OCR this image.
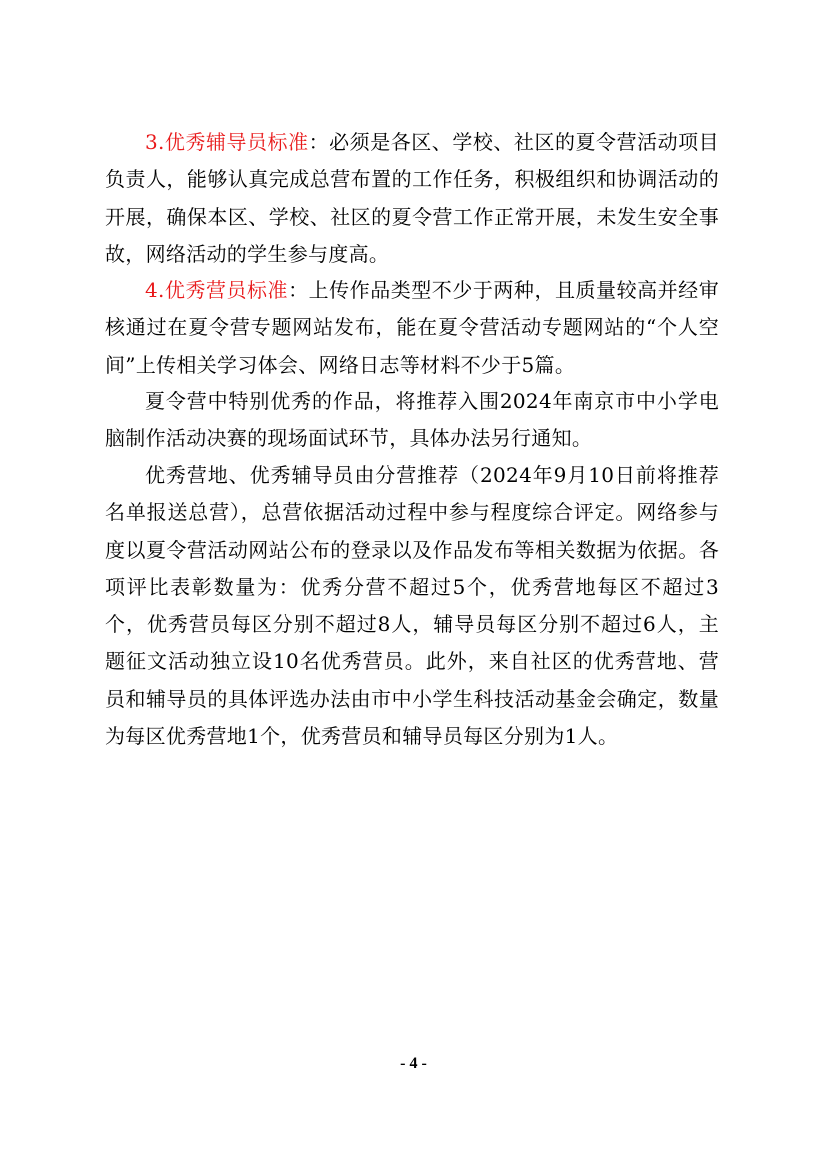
3.优秀辅导员标准：必须是各区、学校、社区的夏令营活动项目负责人，能够认真完成总营布置的工作任务，积极组织和协调活动的开展，确保本区、学校、社区的夏令营工作正常开展，未发生安全事故，网络活动的学生参与度高。

4.优秀营员标准：上传作品类型不少于两种，且质量较高并经审核通过在夏令营专题网站发布，能在夏令营活动专题网站的“个人空间”上传相关学习体会、网络日志等材料不少于5篇。

夏令营中特别优秀的作品，将推荐入围2024年南京市中小学电脑制作活动决赛的现场面试环节，具体办法另行通知。

优秀营地、优秀辅导员由分营推荐（2024年9月10日前将推荐名单报送总营），总营依据活动过程中参与程度综合评定。网络参与度以夏令营活动网站公布的登录以及作品发布等相关数据为依据。各项评比表彰数量为：优秀分营不超过5个，优秀营地每区不超过3个，优秀营员每区分别不超过8人，辅导员每区分别不超过6人，主题征文活动独立设10名优秀营员。此外，来自社区的优秀营地、营员和辅导员的具体评选办法由市中小学生科技活动基金会确定，数量为每区优秀营地1个，优秀营员和辅导员每区分别为1人。

- 4 -
